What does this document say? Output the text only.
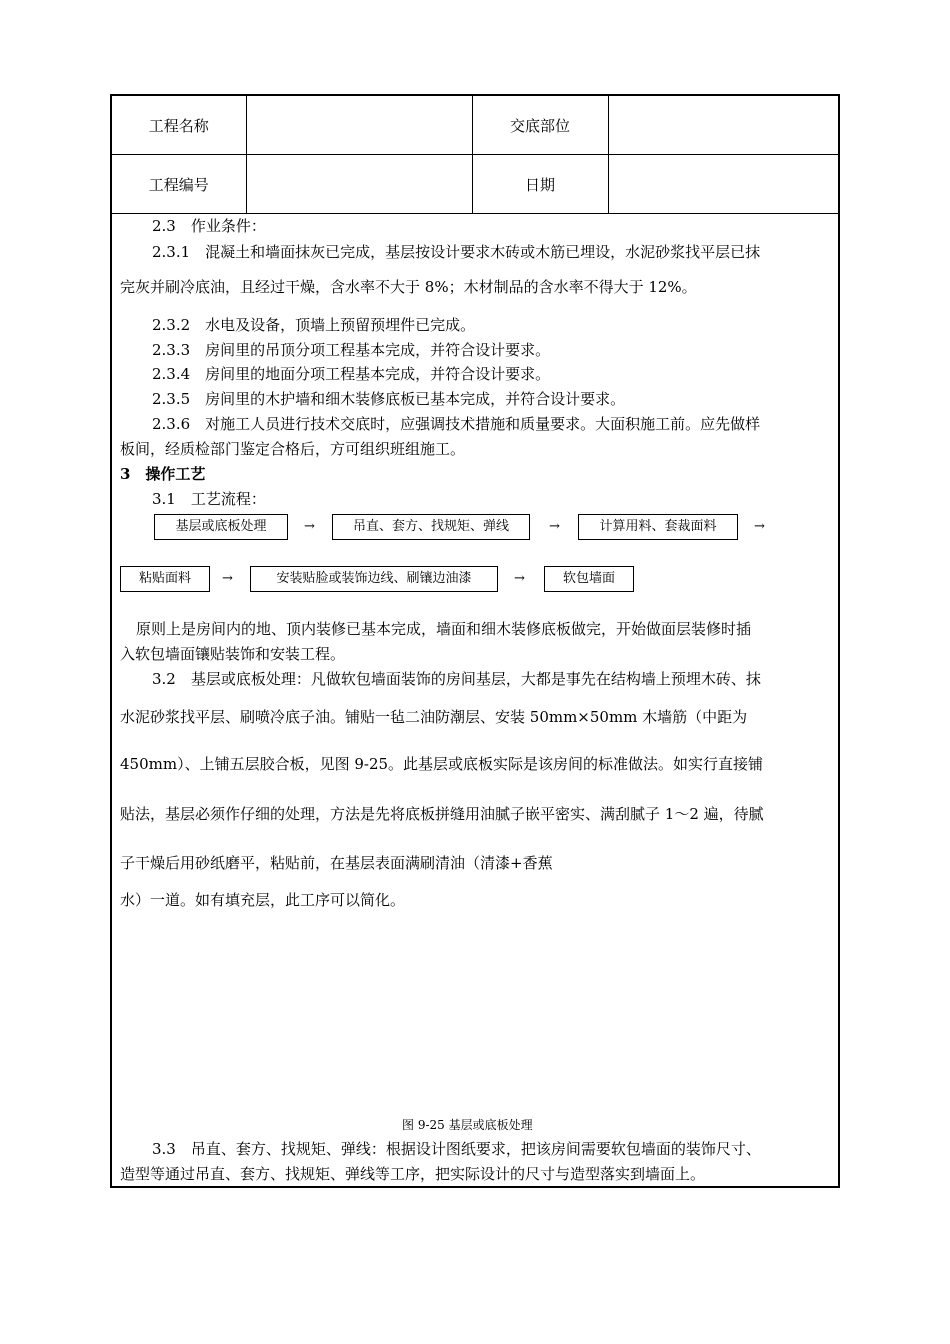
工程名称		交底部位	
工程编号		日期	
2.3　作业条件：
2.3.1　混凝土和墙面抹灰已完成，基层按设计要求木砖或木筋已埋设，水泥砂浆找平层已抹
完灰并刷冷底油，且经过干燥，含水率不大于 8%；木材制品的含水率不得大于 12%。
2.3.2　水电及设备，顶墙上预留预埋件已完成。
2.3.3　房间里的吊顶分项工程基本完成，并符合设计要求。
2.3.4　房间里的地面分项工程基本完成，并符合设计要求。
2.3.5　房间里的木护墙和细木装修底板已基本完成，并符合设计要求。
2.3.6　对施工人员进行技术交底时，应强调技术措施和质量要求。大面积施工前。应先做样
板间，经质检部门鉴定合格后，方可组织班组施工。
3　操作工艺
3.1　工艺流程：
基层或底板处理	→	吊直、套方、找规矩、弹线	→	计算用料、套裁面料	→
粘贴面料	→	安装贴脸或装饰边线、刷镶边油漆	→	软包墙面
原则上是房间内的地、顶内装修已基本完成，墙面和细木装修底板做完，开始做面层装修时插
入软包墙面镶贴装饰和安装工程。
3.2　基层或底板处理：凡做软包墙面装饰的房间基层，大都是事先在结构墙上预埋木砖、抹
水泥砂浆找平层、刷喷冷底子油。铺贴一毡二油防潮层、安装 50mm×50mm 木墙筋（中距为
450mm）、上铺五层胶合板，见图 9-25。此基层或底板实际是该房间的标准做法。如实行直接铺
贴法，基层必须作仔细的处理，方法是先将底板拼缝用油腻子嵌平密实、满刮腻子 1～2 遍，待腻
子干燥后用砂纸磨平，粘贴前，在基层表面满刷清油（清漆+香蕉
水）一道。如有填充层，此工序可以简化。
图 9-25 基层或底板处理
3.3　吊直、套方、找规矩、弹线：根据设计图纸要求，把该房间需要软包墙面的装饰尺寸、
造型等通过吊直、套方、找规矩、弹线等工序，把实际设计的尺寸与造型落实到墙面上。
